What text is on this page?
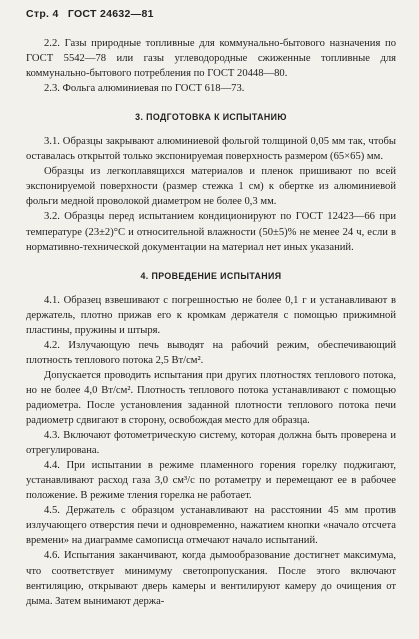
Стр. 4 ГОСТ 24632—81

2.2. Газы природные топливные для коммунально-бытового назначения по ГОСТ 5542—78 или газы углеводородные сжиженные топливные для коммунально-бытового потребления по ГОСТ 20448—80.

2.3. Фольга алюминиевая по ГОСТ 618—73.

3. ПОДГОТОВКА К ИСПЫТАНИЮ

3.1. Образцы закрывают алюминиевой фольгой толщиной 0,05 мм так, чтобы оставалась открытой только экспонируемая поверхность размером (65×65) мм.

Образцы из легкоплавящихся материалов и пленок пришивают по всей экспонируемой поверхности (размер стежка 1 см) к обертке из алюминиевой фольги медной проволокой диаметром не более 0,3 мм.

3.2. Образцы перед испытанием кондиционируют по ГОСТ 12423—66 при температуре (23±2)°С и относительной влажности (50±5)% не менее 24 ч, если в нормативно-технической документации на материал нет иных указаний.

4. ПРОВЕДЕНИЕ ИСПЫТАНИЯ

4.1. Образец взвешивают с погрешностью не более 0,1 г и устанавливают в держатель, плотно прижав его к кромкам держателя с помощью прижимной пластины, пружины и штыря.

4.2. Излучающую печь выводят на рабочий режим, обеспечивающий плотность теплового потока 2,5 Вт/см².

Допускается проводить испытания при других плотностях теплового потока, но не более 4,0 Вт/см². Плотность теплового потока устанавливают с помощью радиометра. После установления заданной плотности теплового потока печи радиометр сдвигают в сторону, освобождая место для образца.

4.3. Включают фотометрическую систему, которая должна быть проверена и отрегулирована.

4.4. При испытании в режиме пламенного горения горелку поджигают, устанавливают расход газа 3,0 см³/с по ротаметру и перемещают ее в рабочее положение. В режиме тления горелка не работает.

4.5. Держатель с образцом устанавливают на расстоянии 45 мм против излучающего отверстия печи и одновременно, нажатием кнопки «начало отсчета времени» на диаграмме самописца отмечают начало испытаний.

4.6. Испытания заканчивают, когда дымообразование достигнет максимума, что соответствует минимуму светопропускания. После этого включают вентиляцию, открывают дверь камеры и вентилируют камеру до очищения от дыма. Затем вынимают держа-
